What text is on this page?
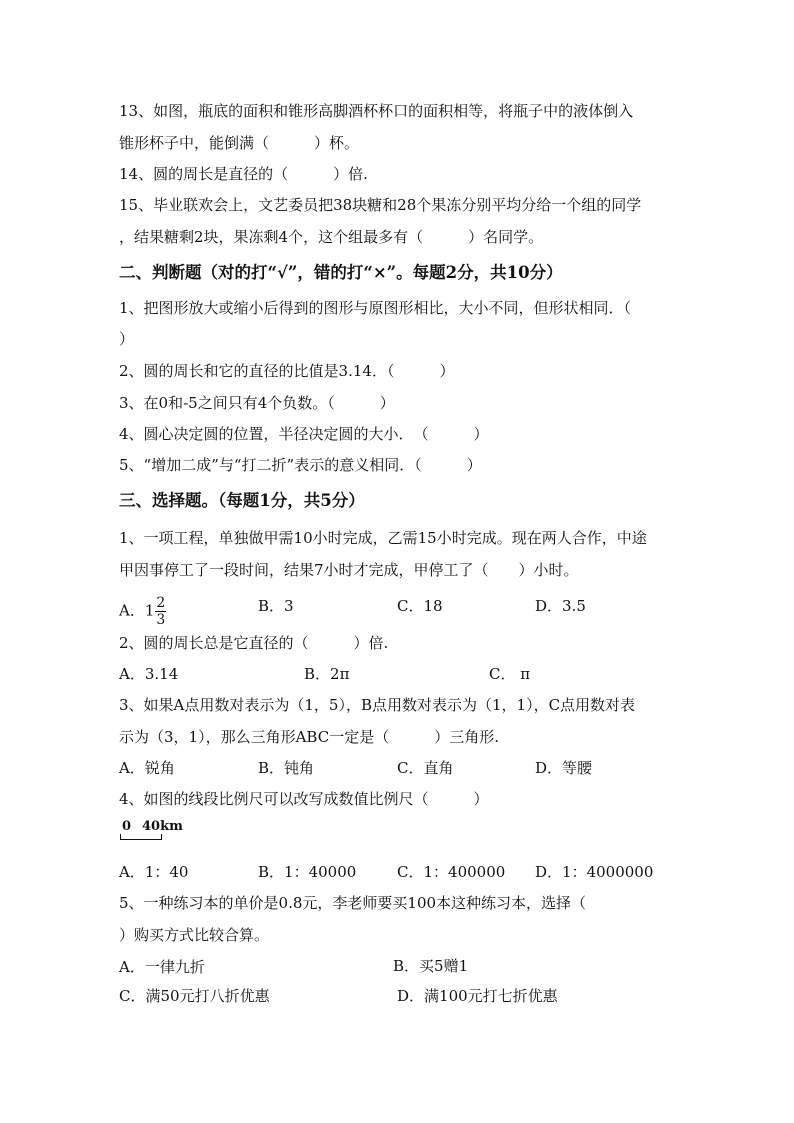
13、如图，瓶底的面积和锥形高脚酒杯杯口的面积相等，将瓶子中的液体倒入
锥形杯子中，能倒满（　　　）杯。
14、圆的周长是直径的（　　　）倍.
15、毕业联欢会上，文艺委员把38块糖和28个果冻分别平均分给一个组的同学
，结果糖剩2块，果冻剩4个，这个组最多有（　　　）名同学。
二、判断题（对的打“√”，错的打“×”。每题2分，共10分）
1、把图形放大或缩小后得到的图形与原图形相比，大小不同，但形状相同．（
）
2、圆的周长和它的直径的比值是3.14．（　　　）
3、在0和-5之间只有4个负数。（　　　）
4、圆心决定圆的位置，半径决定圆的大小．　（　　　）
5、“增加二成”与“打二折”表示的意义相同．（　　　）
三、选择题。（每题1分，共5分）
1、一项工程，单独做甲需10小时完成，乙需15小时完成。现在两人合作，中途
甲因事停工了一段时间，结果7小时才完成，甲停工了（　　）小时。
A．$1 \frac{2}{3}$	B．3	C．18	D．3.5
2、圆的周长总是它直径的（　　　）倍.
A．3.14	B．2π	C． π
3、如果A点用数对表示为（1，5），B点用数对表示为（1，1），C点用数对表
示为（3，1），那么三角形ABC一定是（　　　）三角形.
A．锐角	B．钝角	C．直角	D．等腰
4、如图的线段比例尺可以改写成数值比例尺（　　　）
0 40km
A．1：40	B．1：40000	C．1：400000 D．1：4000000
5、一种练习本的单价是0.8元，李老师要买100本这种练习本，选择（
）购买方式比较合算。
A．一律九折	B．买5赠1
C．满50元打八折优惠	D．满100元打七折优惠
